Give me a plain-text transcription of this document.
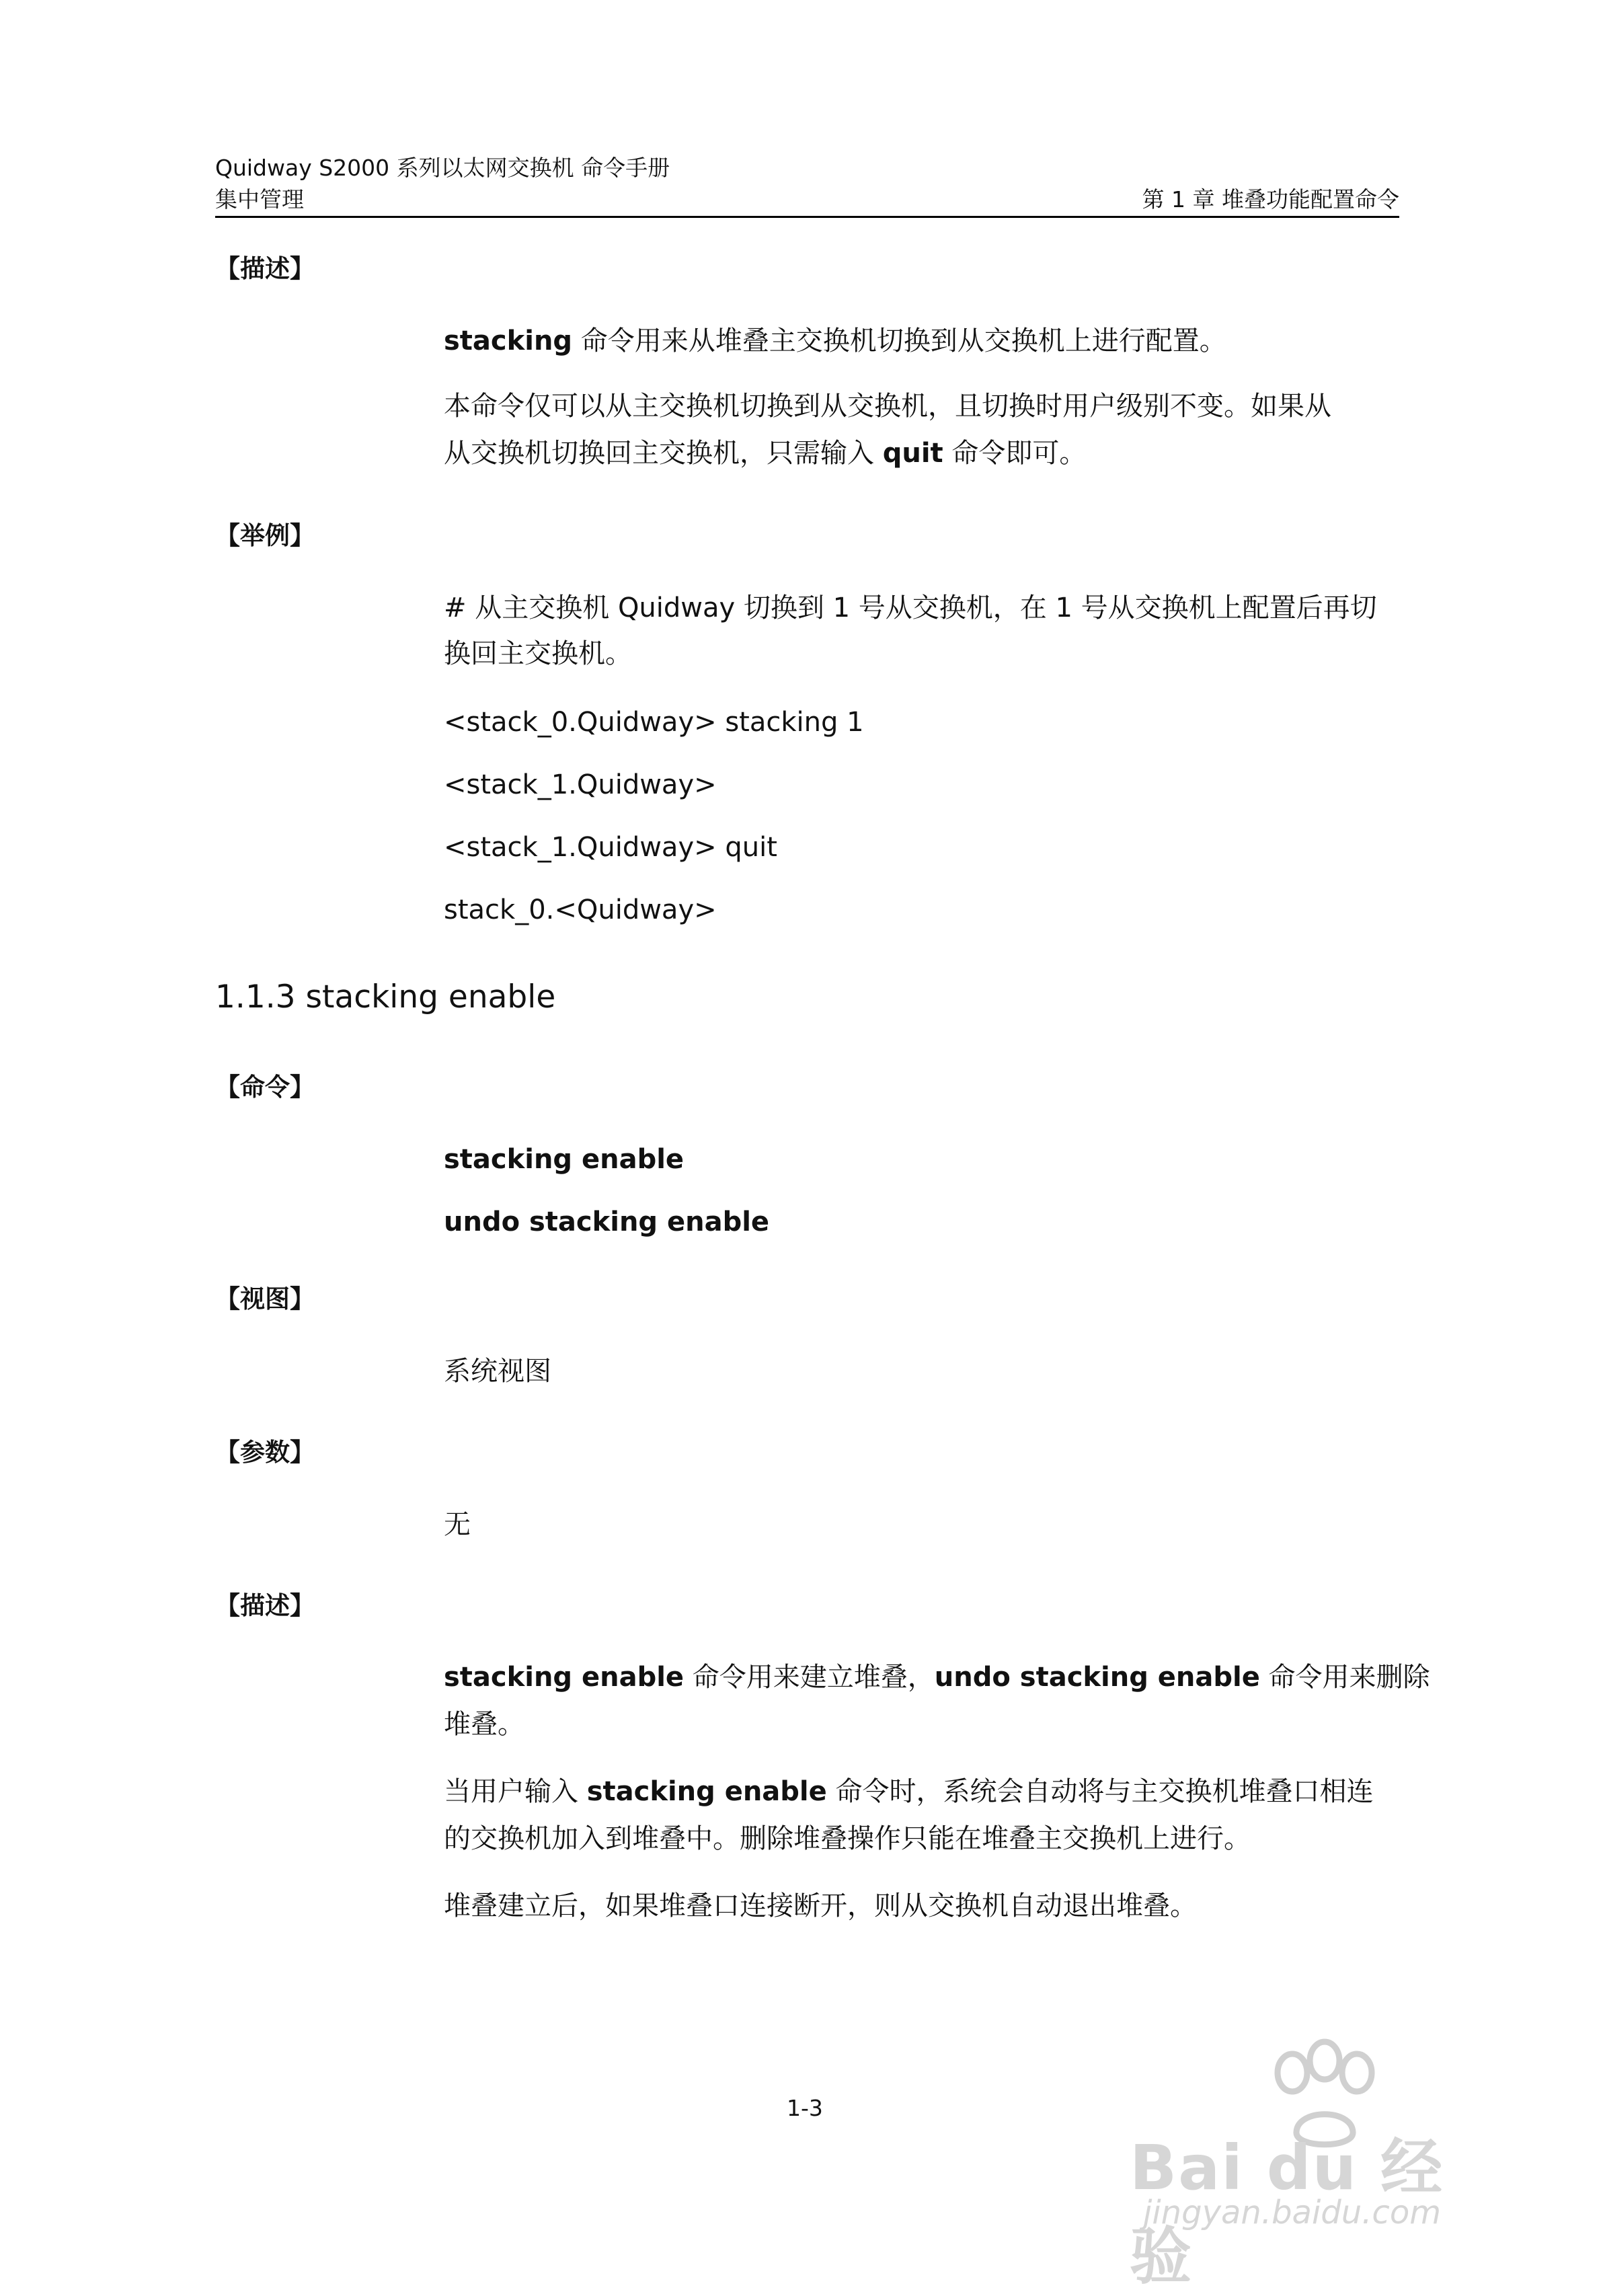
Quidway S2000 系列以太网交换机 命令手册
集中管理	第 1 章 堆叠功能配置命令
【描述】
stacking 命令用来从堆叠主交换机切换到从交换机上进行配置。
本命令仅可以从主交换机切换到从交换机，且切换时用户级别不变。如果从
从交换机切换回主交换机，只需输入 quit 命令即可。
【举例】
# 从主交换机 Quidway 切换到 1 号从交换机，在 1 号从交换机上配置后再切
换回主交换机。
<stack_0.Quidway> stacking 1
<stack_1.Quidway>
<stack_1.Quidway> quit
stack_0.<Quidway>
1.1.3 stacking enable
【命令】
stacking enable
undo stacking enable
【视图】
系统视图
【参数】
无
【描述】
stacking enable 命令用来建立堆叠，undo stacking enable 命令用来删除
堆叠。
当用户输入 stacking enable 命令时，系统会自动将与主交换机堆叠口相连
的交换机加入到堆叠中。删除堆叠操作只能在堆叠主交换机上进行。
堆叠建立后，如果堆叠口连接断开，则从交换机自动退出堆叠。
1-3
Bai du 经验
jingyan.baidu.com
